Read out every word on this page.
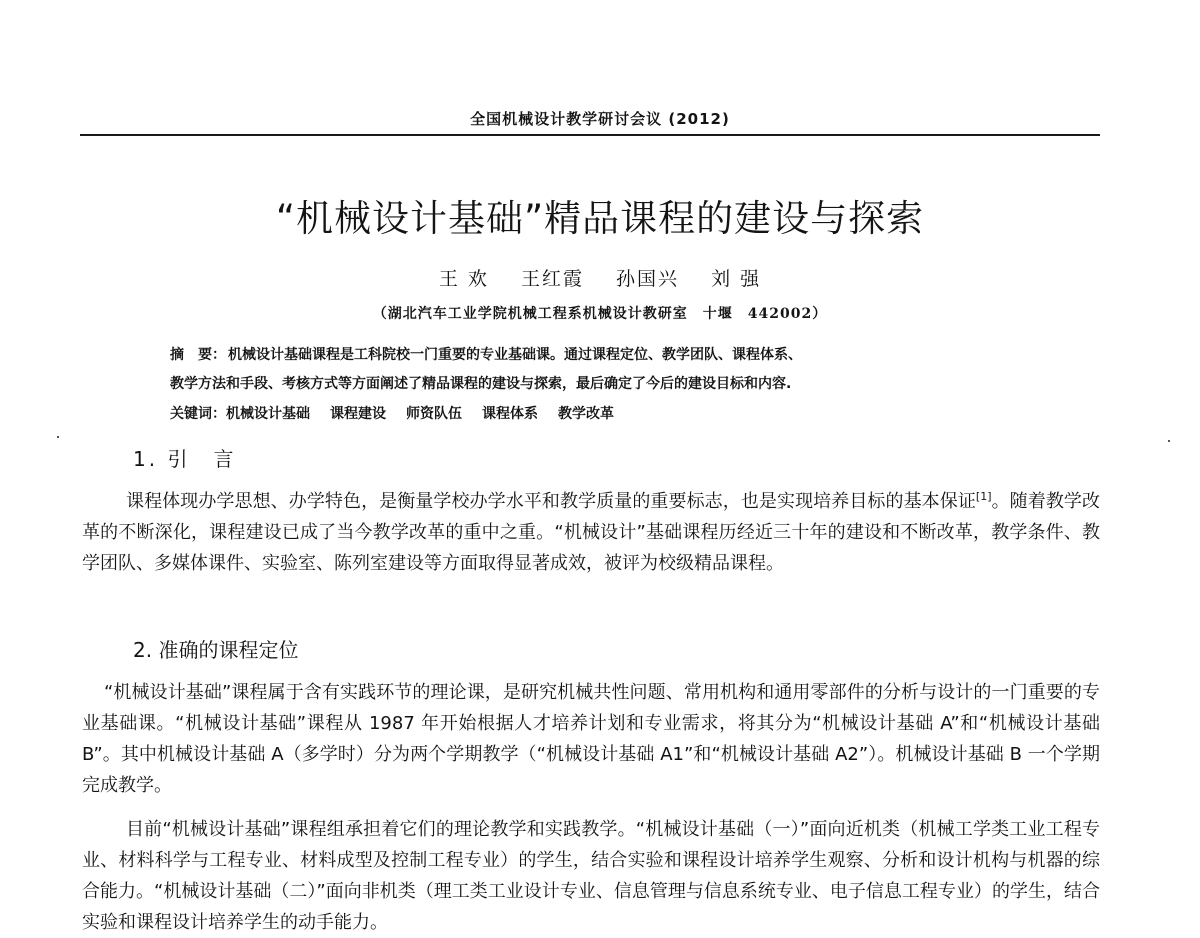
全国机械设计教学研讨会议 (2012)
“机械设计基础”精品课程的建设与探索
王 欢 王红霞 孙国兴 刘 强
（湖北汽车工业学院机械工程系机械设计教研室　十堰　442002）
摘　要： 机械设计基础课程是工科院校一门重要的专业基础课。通过课程定位、教学团队、课程体系、
教学方法和手段、考核方式等方面阐述了精品课程的建设与探索，最后确定了今后的建设目标和内容.
关键词：机械设计基础 课程建设 师资队伍 课程体系 教学改革
1. 引　言

课程体现办学思想、办学特色，是衡量学校办学水平和教学质量的重要标志，也是实现培养目标的基本保证[1]。随着教学改革的不断深化，课程建设已成了当今教学改革的重中之重。“机械设计”基础课程历经近三十年的建设和不断改革，教学条件、教学团队、多媒体课件、实验室、陈列室建设等方面取得显著成效，被评为校级精品课程。

2. 准确的课程定位

“机械设计基础”课程属于含有实践环节的理论课，是研究机械共性问题、常用机构和通用零部件的分析与设计的一门重要的专业基础课。“机械设计基础”课程从 1987 年开始根据人才培养计划和专业需求，将其分为“机械设计基础 A”和“机械设计基础 B”。其中机械设计基础 A（多学时）分为两个学期教学（“机械设计基础 A1”和“机械设计基础 A2”）。机械设计基础 B 一个学期完成教学。

目前“机械设计基础”课程组承担着它们的理论教学和实践教学。“机械设计基础（一）”面向近机类（机械工学类工业工程专业、材料科学与工程专业、材料成型及控制工程专业）的学生，结合实验和课程设计培养学生观察、分析和设计机构与机器的综合能力。“机械设计基础（二）”面向非机类（理工类工业设计专业、信息管理与信息系统专业、电子信息工程专业）的学生，结合实验和课程设计培养学生的动手能力。
